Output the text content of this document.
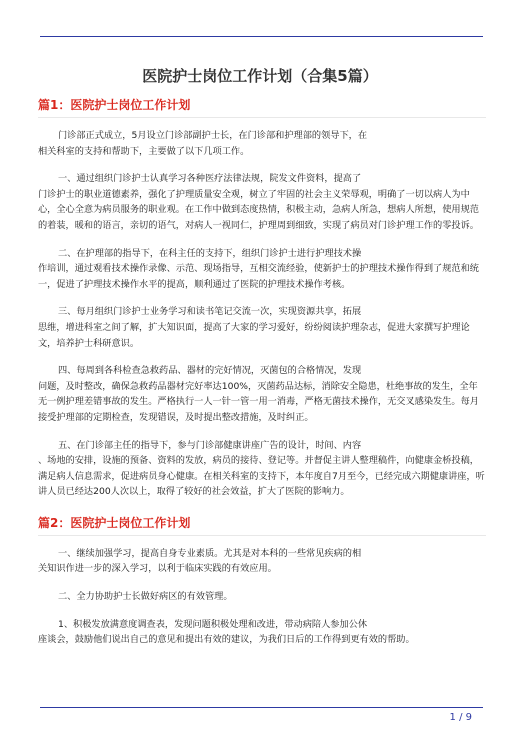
医院护士岗位工作计划（合集5篇）
篇1：医院护士岗位工作计划

门诊部正式成立，5月设立门诊部副护士长，在门诊部和护理部的领导下，在
相关科室的支持和帮助下，主要做了以下几项工作。

一、通过组织门诊护士认真学习各种医疗法律法规，院发文件资料，提高了
门诊护士的职业道德素养，强化了护理质量安全观，树立了牢固的社会主义荣辱观，明确了一切以病人为中心，全心全意为病员服务的职业观。在工作中做到态度热情，积极主动，急病人所急，想病人所想，使用规范的着装，暖和的语言，亲切的语气，对病人一视同仁，护理周到细致，实现了病员对门诊护理工作的零投诉。

二、在护理部的指导下，在科主任的支持下，组织门诊护士进行护理技术操
作培训，通过观看技术操作录像、示范、现场指导，互相交流经验，使新护士的护理技术操作得到了规范和统一，促进了护理技术操作水平的提高，顺利通过了医院的护理技术操作考核。

三、每月组织门诊护士业务学习和读书笔记交流一次，实现资源共享，拓展
思维，增进科室之间了解，扩大知识面，提高了大家的学习爱好，纷纷阅读护理杂志，促进大家撰写护理论文，培养护士科研意识。

四、每周到各科检查急救药品、器材的完好情况，灭菌包的合格情况，发现
问题，及时整改，确保急救药品器材完好率达100%，灭菌药品达标，消除安全隐患，杜绝事故的发生，全年无一例护理差错事故的发生。严格执行一人一针一管一用一消毒，严格无菌技术操作，无交叉感染发生。每月接受护理部的定期检查，发现错误，及时提出整改措施，及时纠正。

五、在门诊部主任的指导下，参与门诊部健康讲座广告的设计，时间、内容
、场地的安排，设施的预备、资料的发放，病员的接待、登记等。并督促主讲人整理稿件，向健康金桥投稿，满足病人信息需求，促进病员身心健康。在相关科室的支持下，本年度自7月至今，已经完成六期健康讲座，听讲人员已经达200人次以上，取得了较好的社会效益，扩大了医院的影响力。

篇2：医院护士岗位工作计划

一、继续加强学习，提高自身专业素质。尤其是对本科的一些常见疾病的相
关知识作进一步的深入学习，以利于临床实践的有效应用。

二、全力协助护士长做好病区的有效管理。

1、积极发放满意度调查表，发现问题积极处理和改进，带动病陪人参加公休
座谈会，鼓励他们说出自己的意见和提出有效的建议，为我们日后的工作得到更有效的帮助。

1 / 9
